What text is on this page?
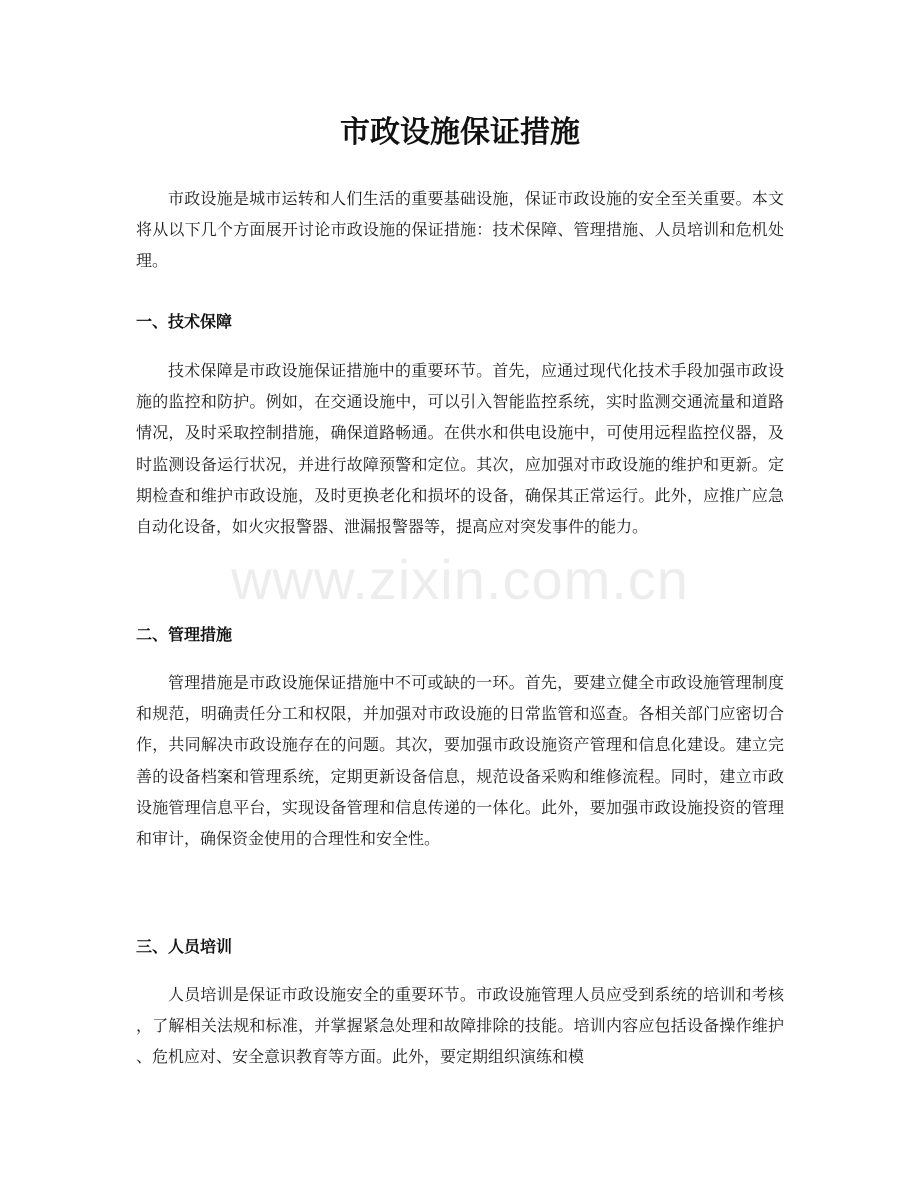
市政设施保证措施

市政设施是城市运转和人们生活的重要基础设施，保证市政设施的安全至关重要。本文将从以下几个方面展开讨论市政设施的保证措施：技术保障、管理措施、人员培训和危机处理。

一、技术保障

技术保障是市政设施保证措施中的重要环节。首先，应通过现代化技术手段加强市政设施的监控和防护。例如，在交通设施中，可以引入智能监控系统，实时监测交通流量和道路情况，及时采取控制措施，确保道路畅通。在供水和供电设施中，可使用远程监控仪器，及时监测设备运行状况，并进行故障预警和定位。其次，应加强对市政设施的维护和更新。定期检查和维护市政设施，及时更换老化和损坏的设备，确保其正常运行。此外，应推广应急自动化设备，如火灾报警器、泄漏报警器等，提高应对突发事件的能力。

二、管理措施

管理措施是市政设施保证措施中不可或缺的一环。首先，要建立健全市政设施管理制度和规范，明确责任分工和权限，并加强对市政设施的日常监管和巡查。各相关部门应密切合作，共同解决市政设施存在的问题。其次，要加强市政设施资产管理和信息化建设。建立完善的设备档案和管理系统，定期更新设备信息，规范设备采购和维修流程。同时，建立市政设施管理信息平台，实现设备管理和信息传递的一体化。此外，要加强市政设施投资的管理和审计，确保资金使用的合理性和安全性。

三、人员培训

人员培训是保证市政设施安全的重要环节。市政设施管理人员应受到系统的培训和考核，了解相关法规和标准，并掌握紧急处理和故障排除的技能。培训内容应包括设备操作维护、危机应对、安全意识教育等方面。此外，要定期组织演练和模

www.zixin.com.cn
